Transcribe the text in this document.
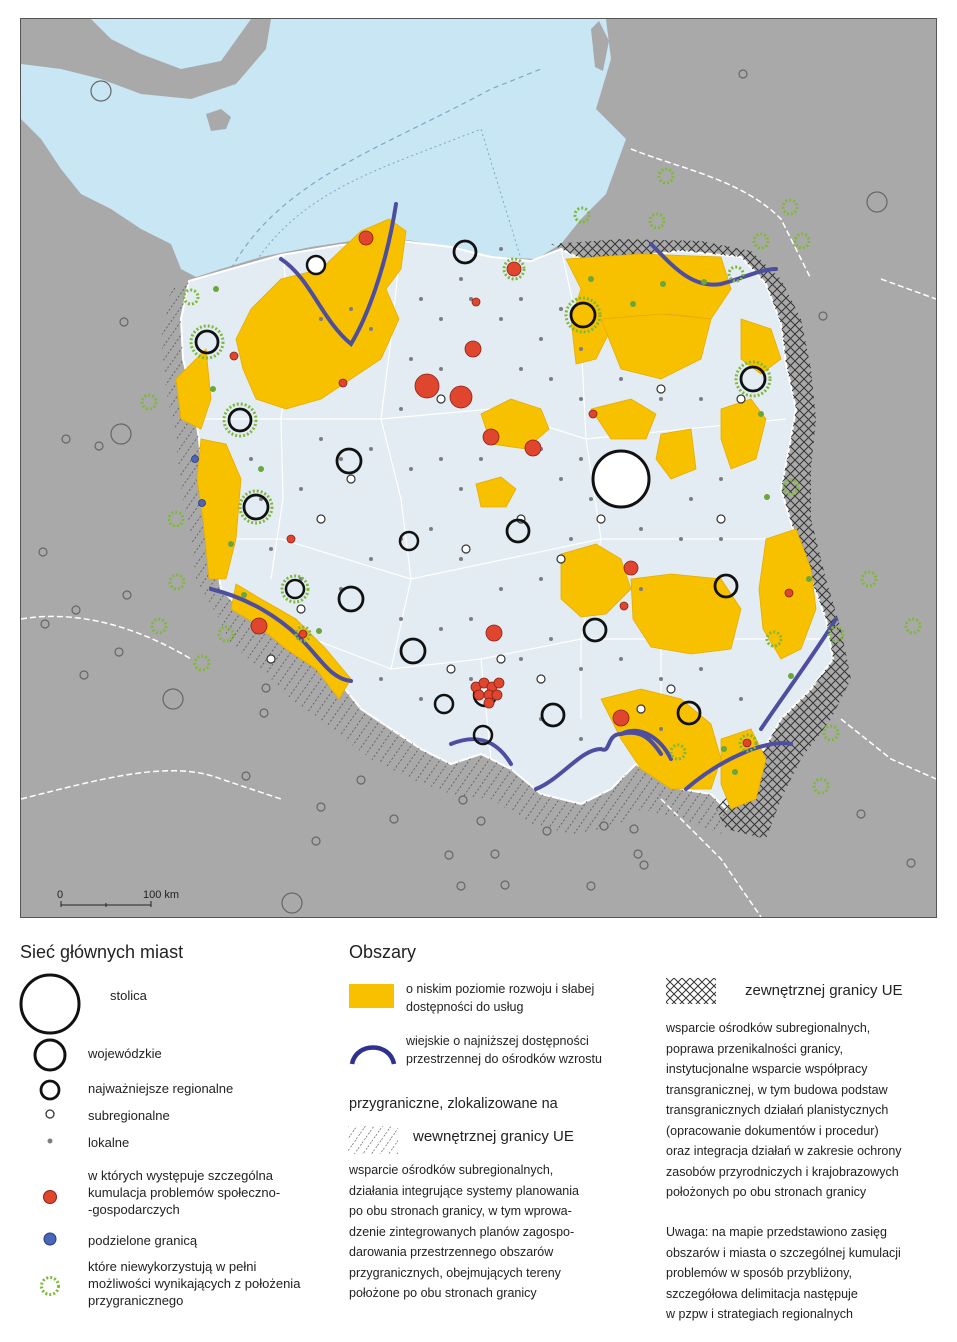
0	100 km
Sieć głównych miast
stolica
wojewódzkie
najważniejsze regionalne
subregionalne
lokalne
w których występuje szczególna
kumulacja problemów społeczno-
-gospodarczych
podzielone granicą
które niewykorzystują w pełni
możliwości wynikających z położenia
przygranicznego
Obszary
o niskim poziomie rozwoju i słabej
dostępności do usług
wiejskie o najniższej dostępności
przestrzennej do ośrodków wzrostu
przygraniczne, zlokalizowane na
wewnętrznej granicy UE
wsparcie ośrodków subregionalnych,
działania integrujące systemy planowania
po obu stronach granicy, w tym wprowa-
dzenie zintegrowanych planów zagospo-
darowania przestrzennego obszarów
przygranicznych, obejmujących tereny
położone po obu stronach granicy
zewnętrznej granicy UE
wsparcie ośrodków subregionalnych,
poprawa przenikalności granicy,
instytucjonalne wsparcie współpracy
transgranicznej, w tym budowa podstaw
transgranicznych działań planistycznych
(opracowanie dokumentów i procedur)
oraz integracja działań w zakresie ochrony
zasobów przyrodniczych i krajobrazowych
położonych po obu stronach granicy
Uwaga: na mapie przedstawiono zasięg
obszarów i miasta o szczególnej kumulacji
problemów w sposób przybliżony,
szczegółowa delimitacja następuje
w pzpw i strategiach regionalnych
